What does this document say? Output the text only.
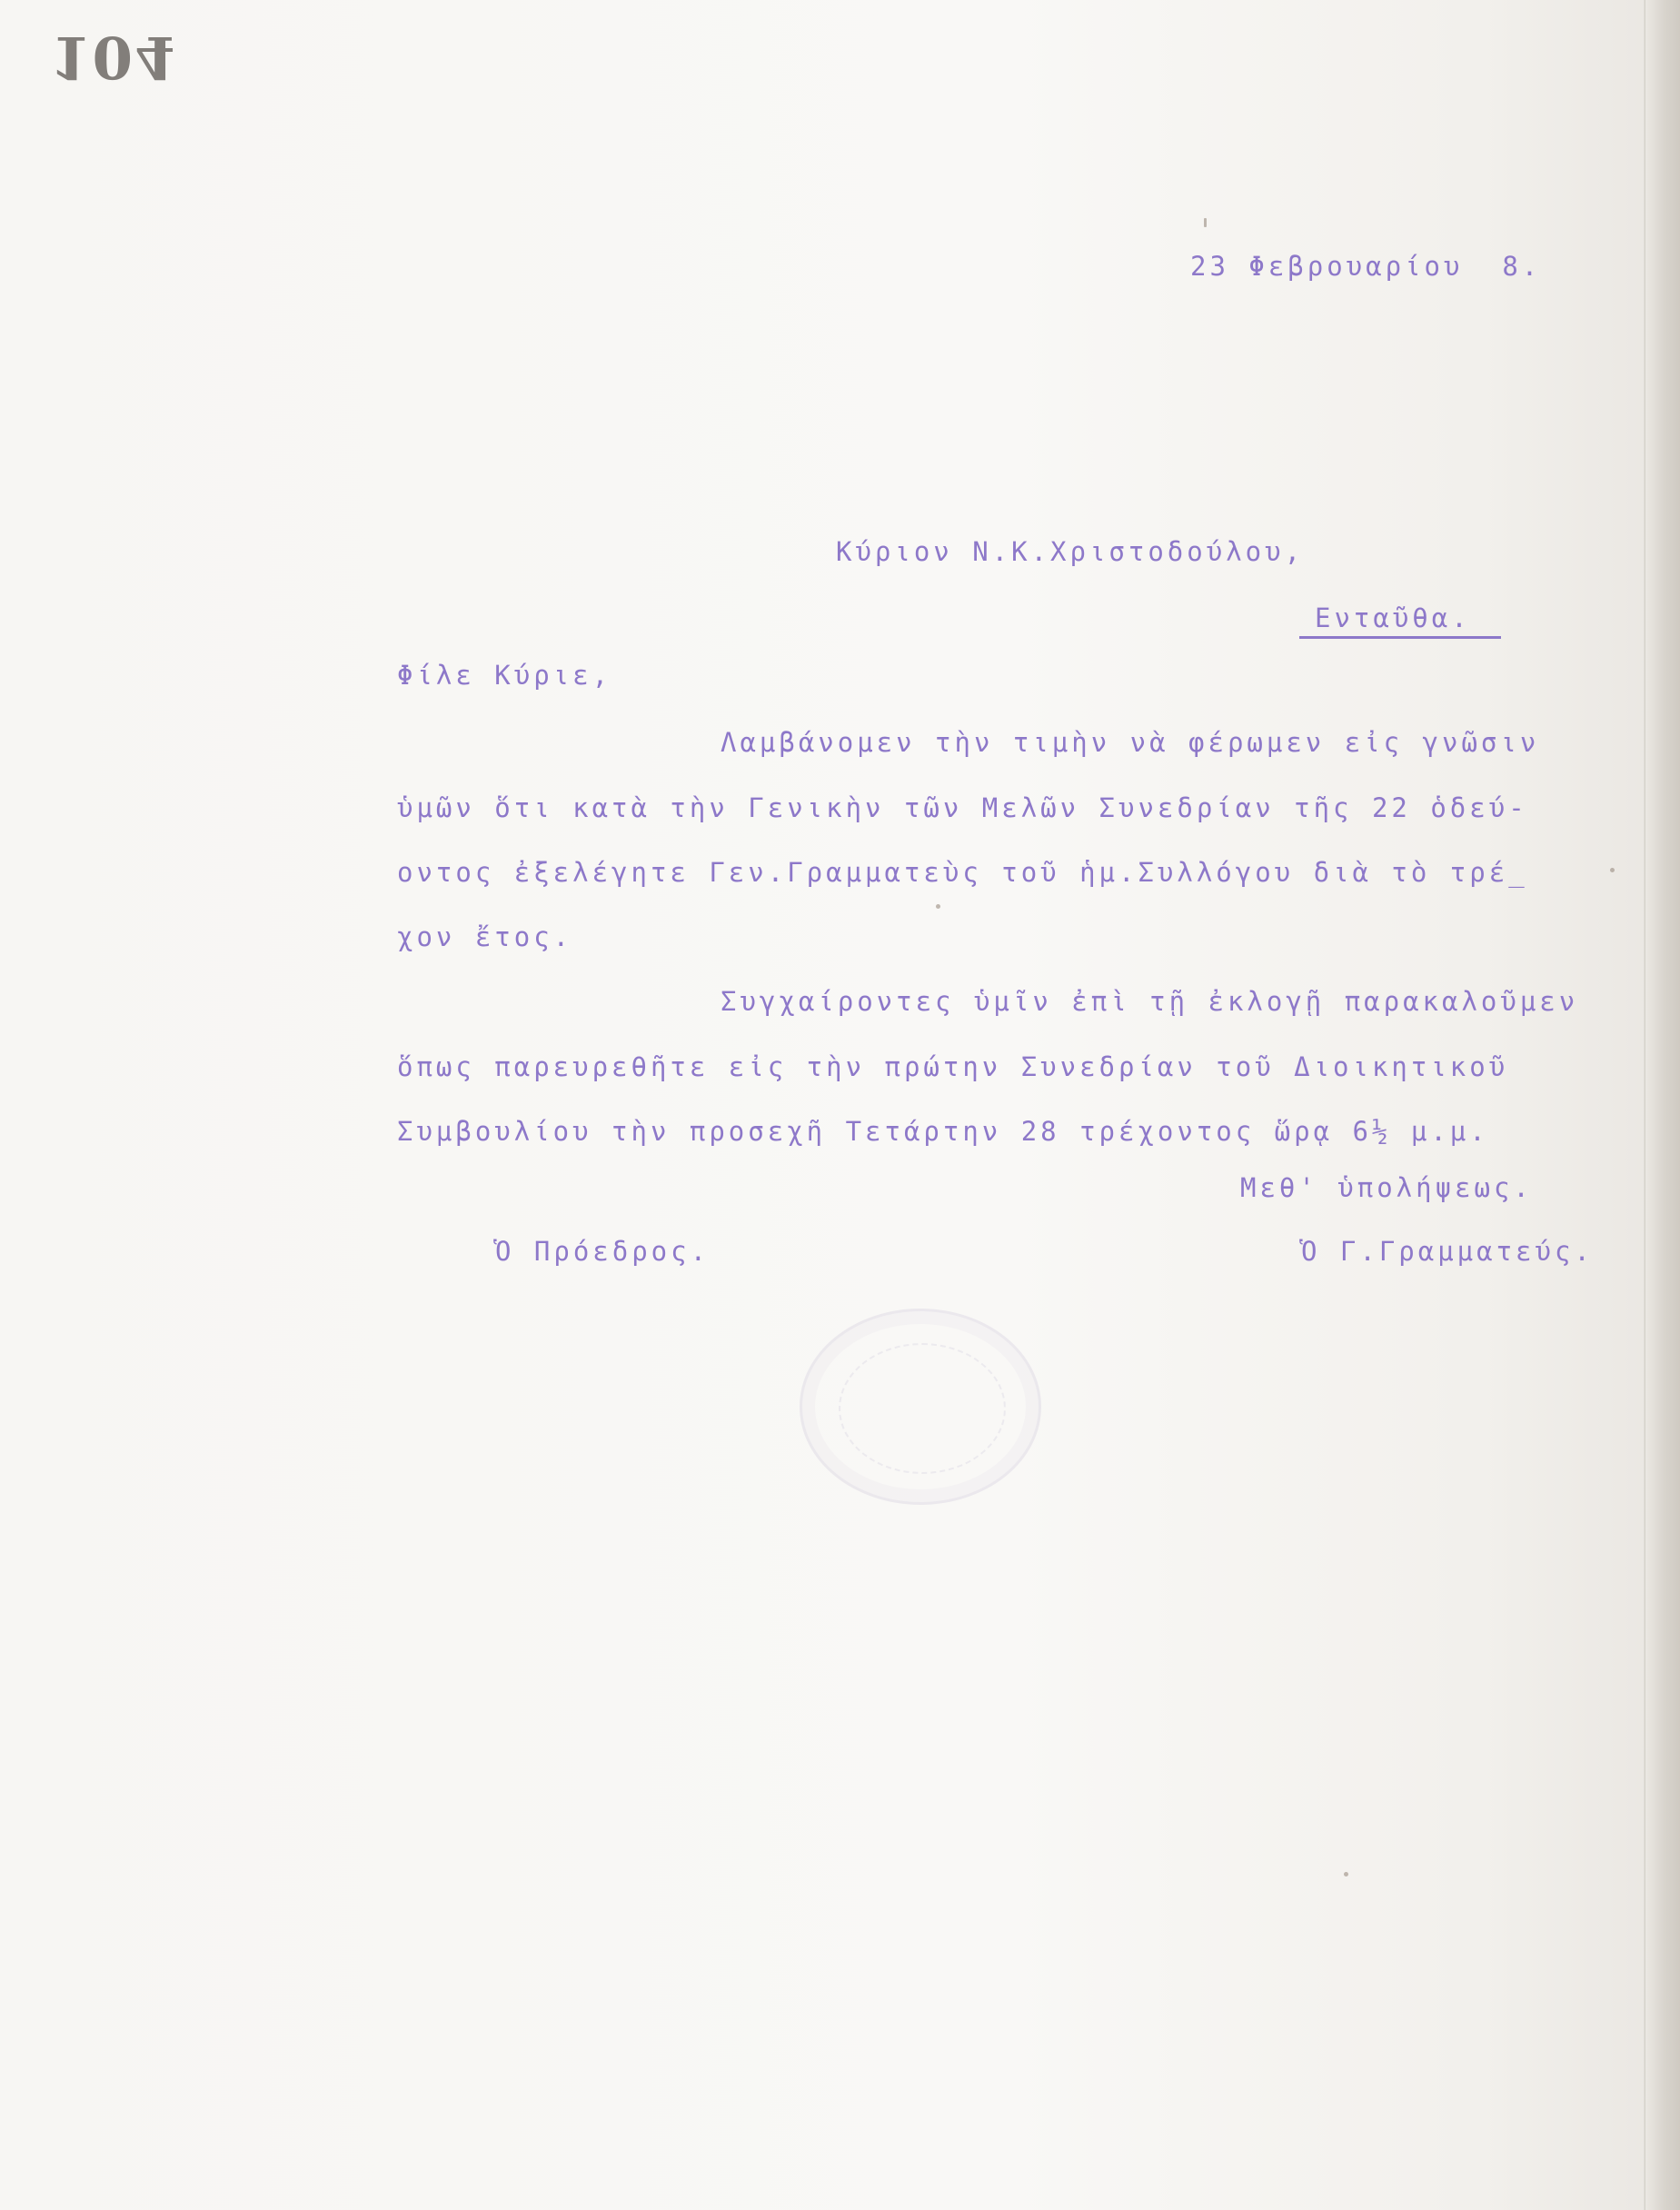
104
23 Φεβρουαρίου  8.
Κύριον Ν.Κ.Χριστοδούλου,
Ενταῦθα.
Φίλε Κύριε,
Λαμβάνομεν τὴν τιμὴν νὰ φέρωμεν εἰς γνῶσιν
ὑμῶν ὅτι κατὰ τὴν Γενικὴν τῶν Μελῶν Συνεδρίαν τῆς 22 ὁδεύ-
οντος ἐξελέγητε Γεν.Γραμματεὺς τοῦ ἡμ.Συλλόγου διὰ τὸ τρέ_
χον ἔτος.
Συγχαίροντες ὑμῖν ἐπὶ τῇ ἐκλογῇ παρακαλοῦμεν
ὅπως παρευρεθῆτε εἰς τὴν πρώτην Συνεδρίαν τοῦ Διοικητικοῦ
Συμβουλίου τὴν προσεχῆ Τετάρτην 28 τρέχοντος ὥρᾳ 6½ μ.μ.
Μεθ' ὑπολήψεως.
Ὁ Πρόεδρος.	Ὁ Γ.Γραμματεύς.
